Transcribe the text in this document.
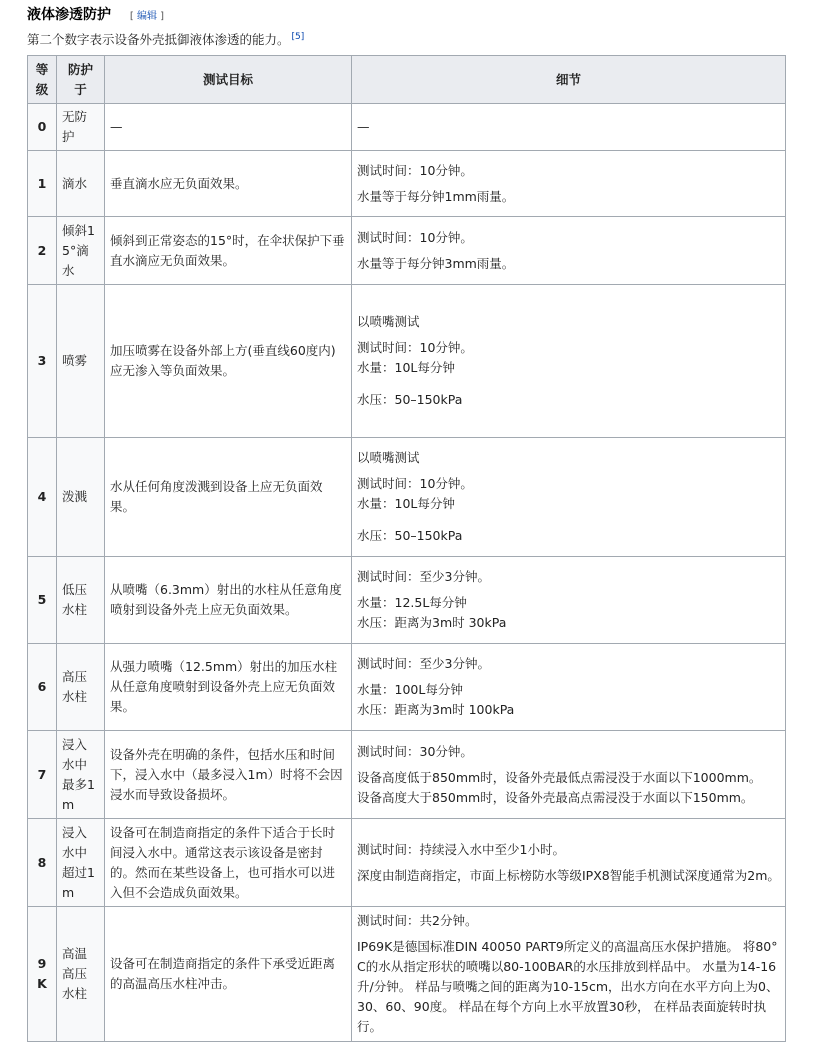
液体渗透防护 [ 编辑 ]
第二个数字表示设备外壳抵御液体渗透的能力。 [5]
等级	防护于	测试目标	细节
0	无防护	—	—

1	滴水	垂直滴水应无负面效果。	测试时间：10分钟。
水量等于每分钟1mm雨量。

2	倾斜15°滴水	倾斜到正常姿态的15°时，在伞状保护下垂直水滴应无负面效果。	测试时间：10分钟。
水量等于每分钟3mm雨量。

3	喷雾	加压喷雾在设备外部上方(垂直线60度内)应无渗入等负面效果。	以喷嘴测试
测试时间：10分钟。
水量：10L每分钟
水压：50–150kPa

4	泼溅	水从任何角度泼溅到设备上应无负面效果。	以喷嘴测试
测试时间：10分钟。
水量：10L每分钟
水压：50–150kPa

5	低压水柱	从喷嘴（6.3mm）射出的水柱从任意角度喷射到设备外壳上应无负面效果。	测试时间：至少3分钟。
水量：12.5L每分钟
水压：距离为3m时 30kPa

6	高压水柱	从强力喷嘴（12.5mm）射出的加压水柱从任意角度喷射到设备外壳上应无负面效果。	测试时间：至少3分钟。
水量：100L每分钟
水压：距离为3m时 100kPa

7	浸入水中最多1m	设备外壳在明确的条件，包括水压和时间下，浸入水中（最多浸入1m）时将不会因浸水而导致设备损坏。	测试时间：30分钟。
设备高度低于850mm时，设备外壳最低点需浸没于水面以下1000mm。
设备高度大于850mm时，设备外壳最高点需浸没于水面以下150mm。

8	浸入水中超过1m	设备可在制造商指定的条件下适合于长时间浸入水中。通常这表示该设备是密封的。然而在某些设备上，也可指水可以进入但不会造成负面效果。	测试时间：持续浸入水中至少1小时。
深度由制造商指定，市面上标榜防水等级IPX8智能手机测试深度通常为2m。

9K	高温高压水柱	设备可在制造商指定的条件下承受近距离的高温高压水柱冲击。	测试时间：共2分钟。
IP69K是德国标准DIN 40050 PART9所定义的高温高压水保护措施。 将80°C的水从指定形状的喷嘴以80-100BAR的水压排放到样品中。 水量为14-16升/分钟。 样品与喷嘴之间的距离为10-15cm，出水方向在水平方向上为0、30、60、90度。 样品在每个方向上水平放置30秒， 在样品表面旋转时执行。
